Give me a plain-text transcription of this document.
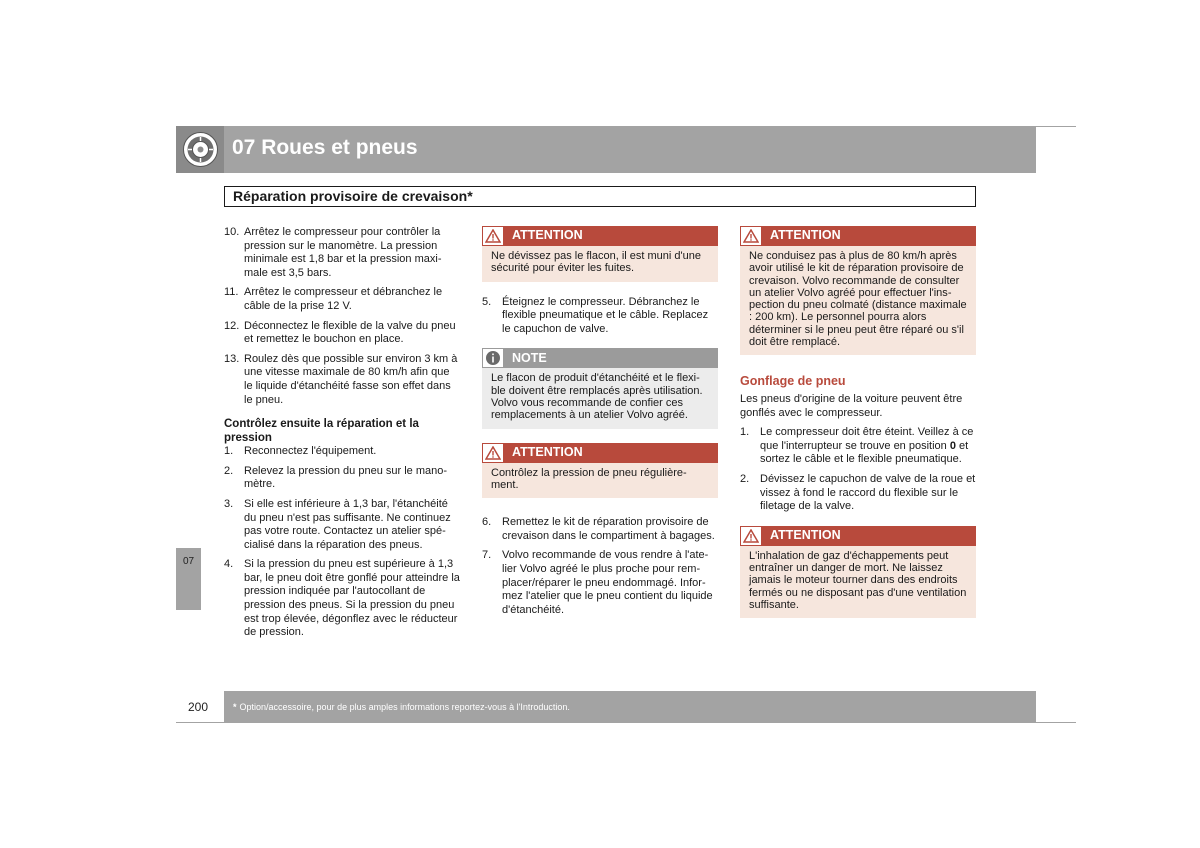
07 Roues et pneus
Réparation provisoire de crevaison*
07
10. Arrêtez le compresseur pour contrôler la pression sur le manomètre. La pression minimale est 1,8 bar et la pression maximale est 3,5 bars.
11. Arrêtez le compresseur et débranchez le câble de la prise 12 V.
12. Déconnectez le flexible de la valve du pneu et remettez le bouchon en place.
13. Roulez dès que possible sur environ 3 km à une vitesse maximale de 80 km/h afin que le liquide d'étanchéité fasse son effet dans le pneu.
Contrôlez ensuite la réparation et la pression
1. Reconnectez l'équipement.
2. Relevez la pression du pneu sur le manomètre.
3. Si elle est inférieure à 1,3 bar, l'étanchéité du pneu n'est pas suffisante. Ne continuez pas votre route. Contactez un atelier spécialisé dans la réparation des pneus.
4. Si la pression du pneu est supérieure à 1,3 bar, le pneu doit être gonflé pour atteindre la pression indiquée par l'autocollant de pression des pneus. Si la pression du pneu est trop élevée, dégonflez avec le réducteur de pression.
ATTENTION
Ne dévissez pas le flacon, il est muni d'une sécurité pour éviter les fuites.
5. Éteignez le compresseur. Débranchez le flexible pneumatique et le câble. Replacez le capuchon de valve.
NOTE
Le flacon de produit d'étanchéité et le flexible doivent être remplacés après utilisation. Volvo vous recommande de confier ces remplacements à un atelier Volvo agréé.
ATTENTION
Contrôlez la pression de pneu régulièrement.
6. Remettez le kit de réparation provisoire de crevaison dans le compartiment à bagages.
7. Volvo recommande de vous rendre à l'atelier Volvo agréé le plus proche pour remplacer/réparer le pneu endommagé. Informez l'atelier que le pneu contient du liquide d'étanchéité.
ATTENTION
Ne conduisez pas à plus de 80 km/h après avoir utilisé le kit de réparation provisoire de crevaison. Volvo recommande de consulter un atelier Volvo agréé pour effectuer l'inspection du pneu colmaté (distance maximale : 200 km). Le personnel pourra alors déterminer si le pneu peut être réparé ou s'il doit être remplacé.
Gonflage de pneu
Les pneus d'origine de la voiture peuvent être gonflés avec le compresseur.
1. Le compresseur doit être éteint. Veillez à ce que l'interrupteur se trouve en position 0 et sortez le câble et le flexible pneumatique.
2. Dévissez le capuchon de valve de la roue et vissez à fond le raccord du flexible sur le filetage de la valve.
ATTENTION
L'inhalation de gaz d'échappements peut entraîner un danger de mort. Ne laissez jamais le moteur tourner dans des endroits fermés ou ne disposant pas d'une ventilation suffisante.
200	* Option/accessoire, pour de plus amples informations reportez-vous à l'Introduction.
